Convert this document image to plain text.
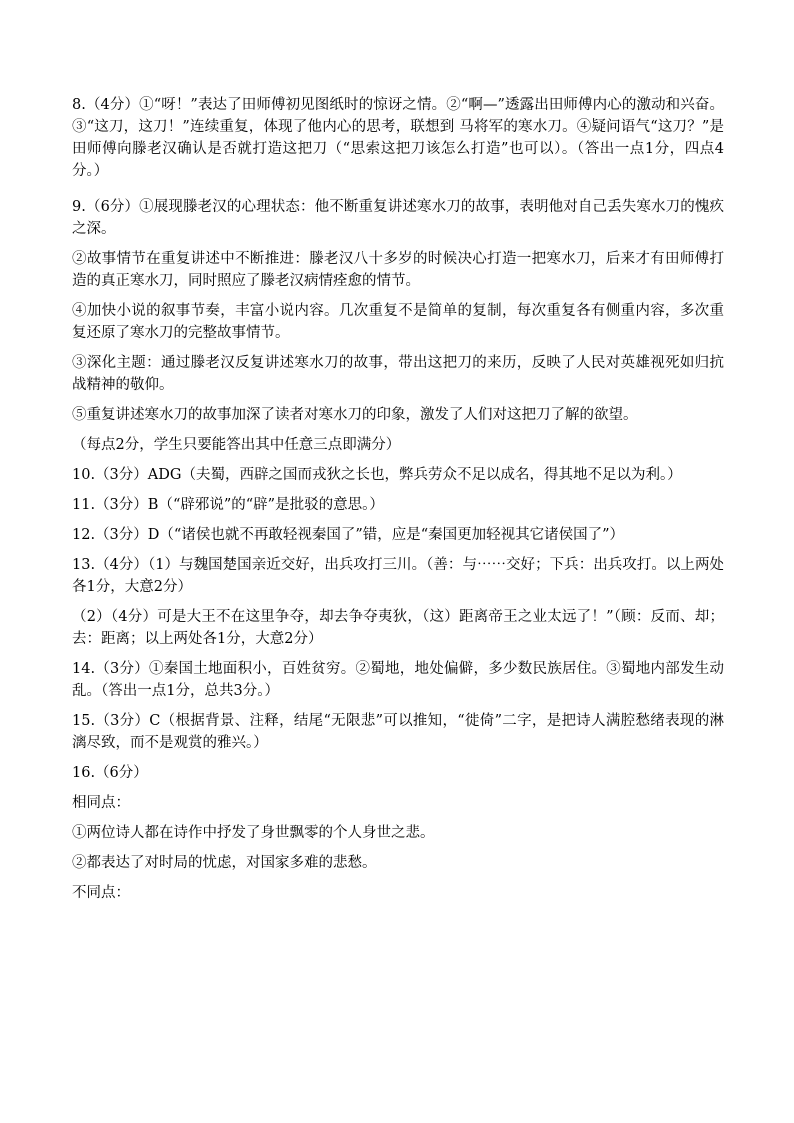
8.（4分）①“呀！”表达了田师傅初见图纸时的惊讶之情。②“啊—”透露出田师傅内心的激动和兴奋。③“这刀，这刀！”连续重复，体现了他内心的思考，联想到 马将军的寒水刀。④疑问语气“这刀？”是田师傅向滕老汉确认是否就打造这把刀（“思索这把刀该怎么打造”也可以）。（答出一点1分，四点4分。）

9.（6分）①展现滕老汉的心理状态：他不断重复讲述寒水刀的故事，表明他对自己丢失寒水刀的愧疚之深。

②故事情节在重复讲述中不断推进：滕老汉八十多岁的时候决心打造一把寒水刀，后来才有田师傅打造的真正寒水刀，同时照应了滕老汉病情痊愈的情节。

④加快小说的叙事节奏，丰富小说内容。几次重复不是简单的复制，每次重复各有侧重内容，多次重复还原了寒水刀的完整故事情节。

③深化主题：通过滕老汉反复讲述寒水刀的故事，带出这把刀的来历，反映了人民对英雄视死如归抗战精神的敬仰。

⑤重复讲述寒水刀的故事加深了读者对寒水刀的印象，激发了人们对这把刀了解的欲望。

（每点2分，学生只要能答出其中任意三点即满分）

10.（3分）ADG（夫蜀，西辟之国而戎狄之长也，弊兵劳众不足以成名，得其地不足以为利。）

11.（3分）B（“辟邪说”的“辟”是批驳的意思。）

12.（3分）D（“诸侯也就不再敢轻视秦国了”错，应是“秦国更加轻视其它诸侯国了”）

13.（4分）（1）与魏国楚国亲近交好，出兵攻打三川。（善：与⋯⋯交好；下兵：出兵攻打。以上两处各1分，大意2分）

（2）（4分）可是大王不在这里争夺，却去争夺夷狄，（这）距离帝王之业太远了！”（顾：反而、却；去：距离；以上两处各1分，大意2分）

14.（3分）①秦国土地面积小，百姓贫穷。②蜀地，地处偏僻，多少数民族居住。③蜀地内部发生动乱。（答出一点1分，总共3分。）

15.（3分）C（根据背景、注释，结尾“无限悲”可以推知，“徙倚”二字，是把诗人满腔愁绪表现的淋漓尽致，而不是观赏的雅兴。）

16.（6分）

相同点：

①两位诗人都在诗作中抒发了身世飘零的个人身世之悲。

②都表达了对时局的忧虑，对国家多难的悲愁。

不同点：
